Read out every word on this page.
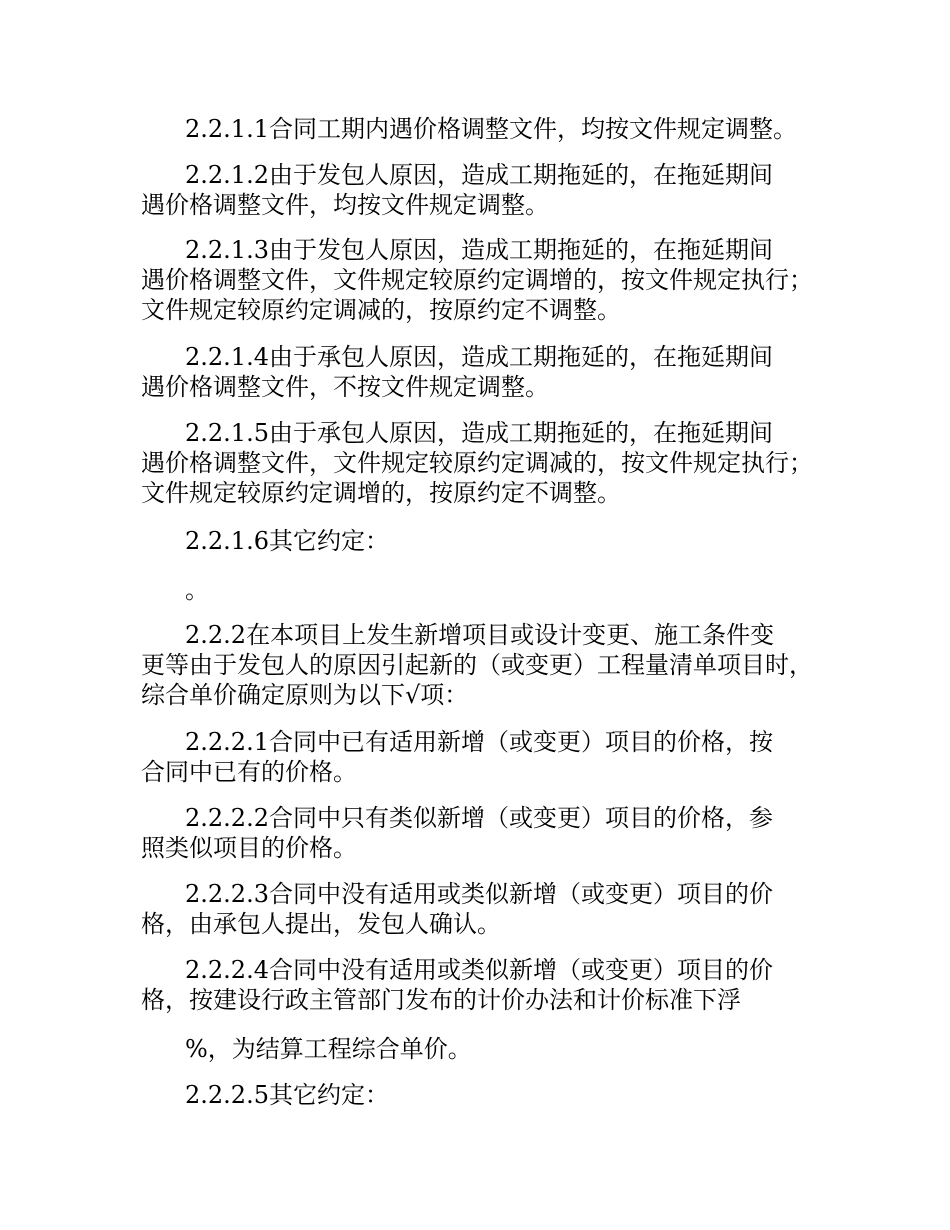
2.2.1.1合同工期内遇价格调整文件，均按文件规定调整。
2.2.1.2由于发包人原因，造成工期拖延的，在拖延期间
遇价格调整文件，均按文件规定调整。
2.2.1.3由于发包人原因，造成工期拖延的，在拖延期间
遇价格调整文件，文件规定较原约定调增的，按文件规定执行；
文件规定较原约定调减的，按原约定不调整。
2.2.1.4由于承包人原因，造成工期拖延的，在拖延期间
遇价格调整文件，不按文件规定调整。
2.2.1.5由于承包人原因，造成工期拖延的，在拖延期间
遇价格调整文件，文件规定较原约定调减的，按文件规定执行；
文件规定较原约定调增的，按原约定不调整。
2.2.1.6其它约定：
。
2.2.2在本项目上发生新增项目或设计变更、施工条件变
更等由于发包人的原因引起新的（或变更）工程量清单项目时，
综合单价确定原则为以下√项：
2.2.2.1合同中已有适用新增（或变更）项目的价格，按
合同中已有的价格。
2.2.2.2合同中只有类似新增（或变更）项目的价格，参
照类似项目的价格。
2.2.2.3合同中没有适用或类似新增（或变更）项目的价
格，由承包人提出，发包人确认。
2.2.2.4合同中没有适用或类似新增（或变更）项目的价
格，按建设行政主管部门发布的计价办法和计价标准下浮
%，为结算工程综合单价。
2.2.2.5其它约定：
